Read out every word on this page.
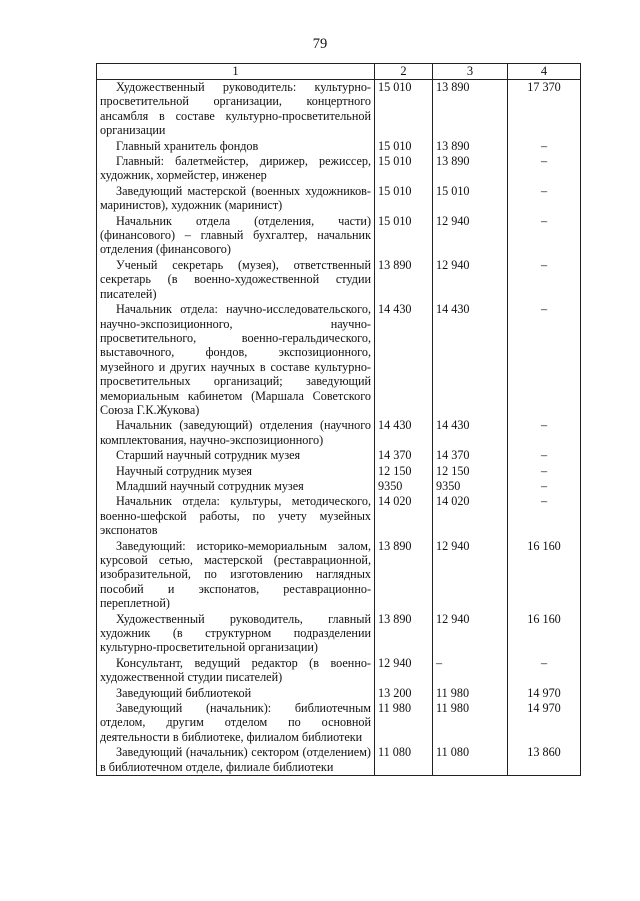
79
1	2	3	4
Художественный руководитель: культурно-просветительной организации, концертного ансамбля в составе культурно-просветительной организации	15 010	13 890	17 370
Главный хранитель фондов	15 010	13 890	–
Главный: балетмейстер, дирижер, режиссер, художник, хормейстер, инженер	15 010	13 890	–
Заведующий мастерской (военных художников-маринистов), художник (маринист)	15 010	15 010	–
Начальник отдела (отделения, части) (финансового) – главный бухгалтер, начальник отделения (финансового)	15 010	12 940	–
Ученый секретарь (музея), ответственный секретарь (в военно-художественной студии писателей)	13 890	12 940	–
Начальник отдела: научно-исследовательского, научно-экспозиционного, научно-просветительного, военно-геральдического, выставочного, фондов, экспозиционного, музейного и других научных в составе культурно-просветительных организаций; заведующий мемориальным кабинетом (Маршала Советского Союза Г.К.Жукова)	14 430	14 430	–
Начальник (заведующий) отделения (научного комплектования, научно-экспозиционного)	14 430	14 430	–
Старший научный сотрудник музея	14 370	14 370	–
Научный сотрудник музея	12 150	12 150	–
Младший научный сотрудник музея	9350	9350	–
Начальник отдела: культуры, методического, военно-шефской работы, по учету музейных экспонатов	14 020	14 020	–
Заведующий: историко-мемориальным залом, курсовой сетью, мастерской (реставрационной, изобразительной, по изготовлению наглядных пособий и экспонатов, реставрационно-переплетной)	13 890	12 940	16 160
Художественный руководитель, главный художник (в структурном подразделении культурно-просветительной организации)	13 890	12 940	16 160
Консультант, ведущий редактор (в военно-художественной студии писателей)	12 940	–	–
Заведующий библиотекой	13 200	11 980	14 970
Заведующий (начальник): библиотечным отделом, другим отделом по основной деятельности в библиотеке, филиалом библиотеки	11 980	11 980	14 970
Заведующий (начальник) сектором (отделением) в библиотечном отделе, филиале библиотеки	11 080	11 080	13 860
